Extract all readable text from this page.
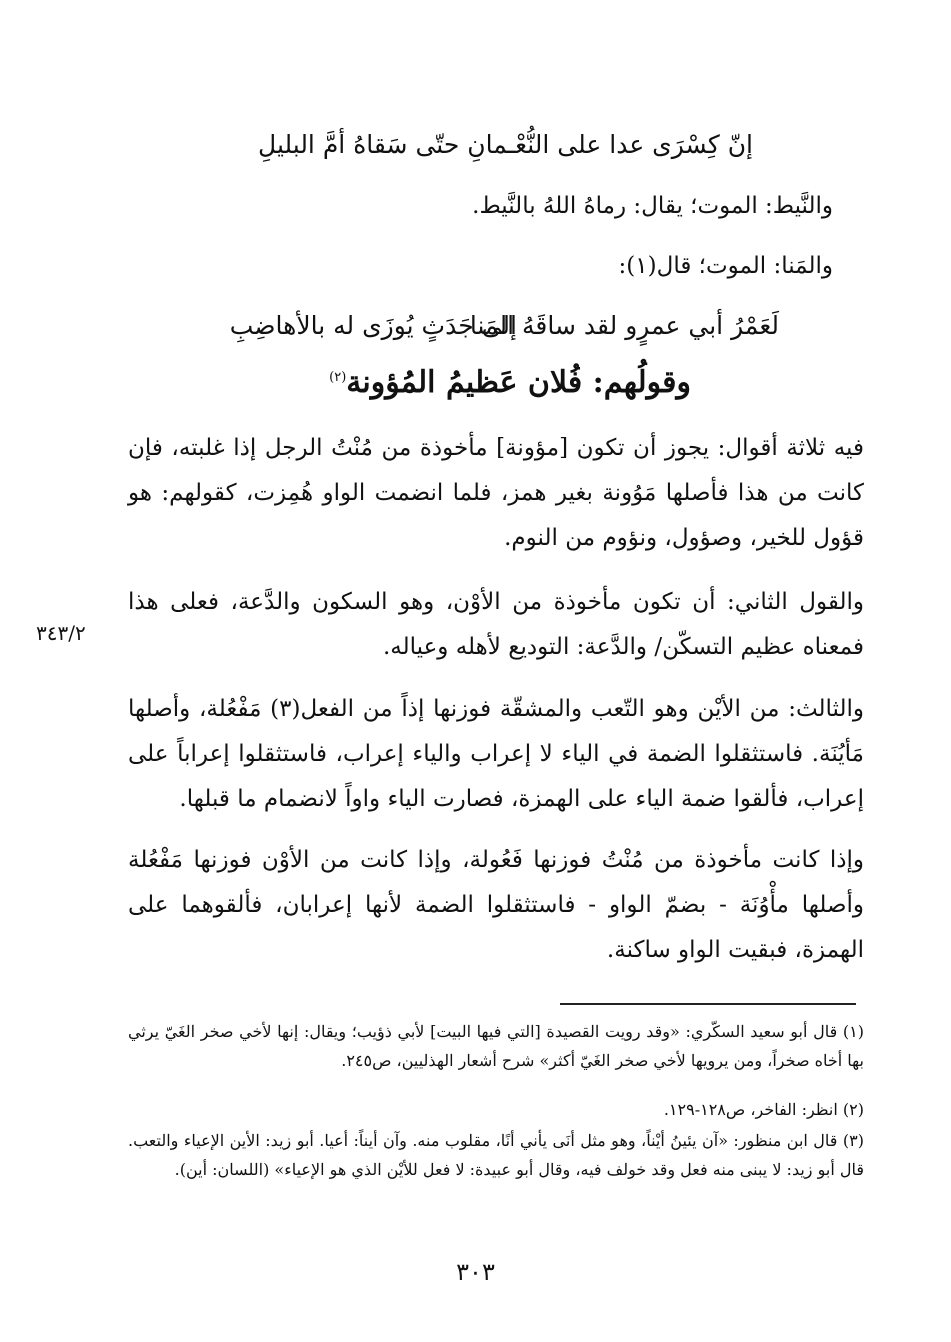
إنّ كِسْرَى عدا على النُّعْـ
ـمانِ حتّى سَقاهُ أمَّ البليلِ
والنَّيط: الموت؛ يقال: رماهُ اللهُ بالنَّيط.
والمَنا: الموت؛ قال(١):
لَعَمْرُ أبي عمرٍو لقد ساقَهُ المَنا
إلى جَدَثٍ يُوزَى له بالأهاضِبِ
وقولُهم: فُلان عَظيمُ المُؤونة$^{(٢)}$
فيه ثلاثة أقوال: يجوز أن تكون [مؤونة] مأخوذة من مُنْتُ الرجل إذا غلبته، فإن كانت من هذا فأصلها مَوُونة بغير همز، فلما انضمت الواو هُمِزت، كقولهم: هو قؤول للخير، وصؤول، ونؤوم من النوم.
والقول الثاني: أن تكون مأخوذة من الأوْن، وهو السكون والدَّعة، فعلى هذا فمعناه عظيم التسكّن/ والدَّعة: التوديع لأهله وعياله.
والثالث: من الأيْن وهو التّعب والمشقّة فوزنها إذاً من الفعل(٣) مَفْعُلة، وأصلها مَأيُنَة. فاستثقلوا الضمة في الياء لا إعراب والياء إعراب، فاستثقلوا إعراباً على إعراب، فألقوا ضمة الياء على الهمزة، فصارت الياء واواً لانضمام ما قبلها.
وإذا كانت مأخوذة من مُنْتُ فوزنها فَعُولة، وإذا كانت من الأوْن فوزنها مَفْعُلة وأصلها مأْوُنَة - بضمّ الواو - فاستثقلوا الضمة لأنها إعرابان، فألقوهما على الهمزة، فبقيت الواو ساكنة.
٣٤٣/٢
(١) قال أبو سعيد السكّري: «وقد رويت القصيدة [التي فيها البيت] لأبي ذؤيب؛ ويقال: إنها لأخي صخر الغَيّ يرثي بها أخاه صخراً، ومن يرويها لأخي صخر الغَيّ أكثر» شرح أشعار الهذليين، ص٢٤٥.
(٢) انظر: الفاخر، ص١٢٨-١٢٩.
(٣) قال ابن منظور: «آن يئينُ أيْناً، وهو مثل أنَى يأني أنًا، مقلوب منه. وآن أيناً: أعيا. أبو زيد: الأين الإعياء والتعب. قال أبو زيد: لا يبنى منه فعل وقد خولف فيه، وقال أبو عبيدة: لا فعل للأيْن الذي هو الإعياء» (اللسان: أين).
٣٠٣
